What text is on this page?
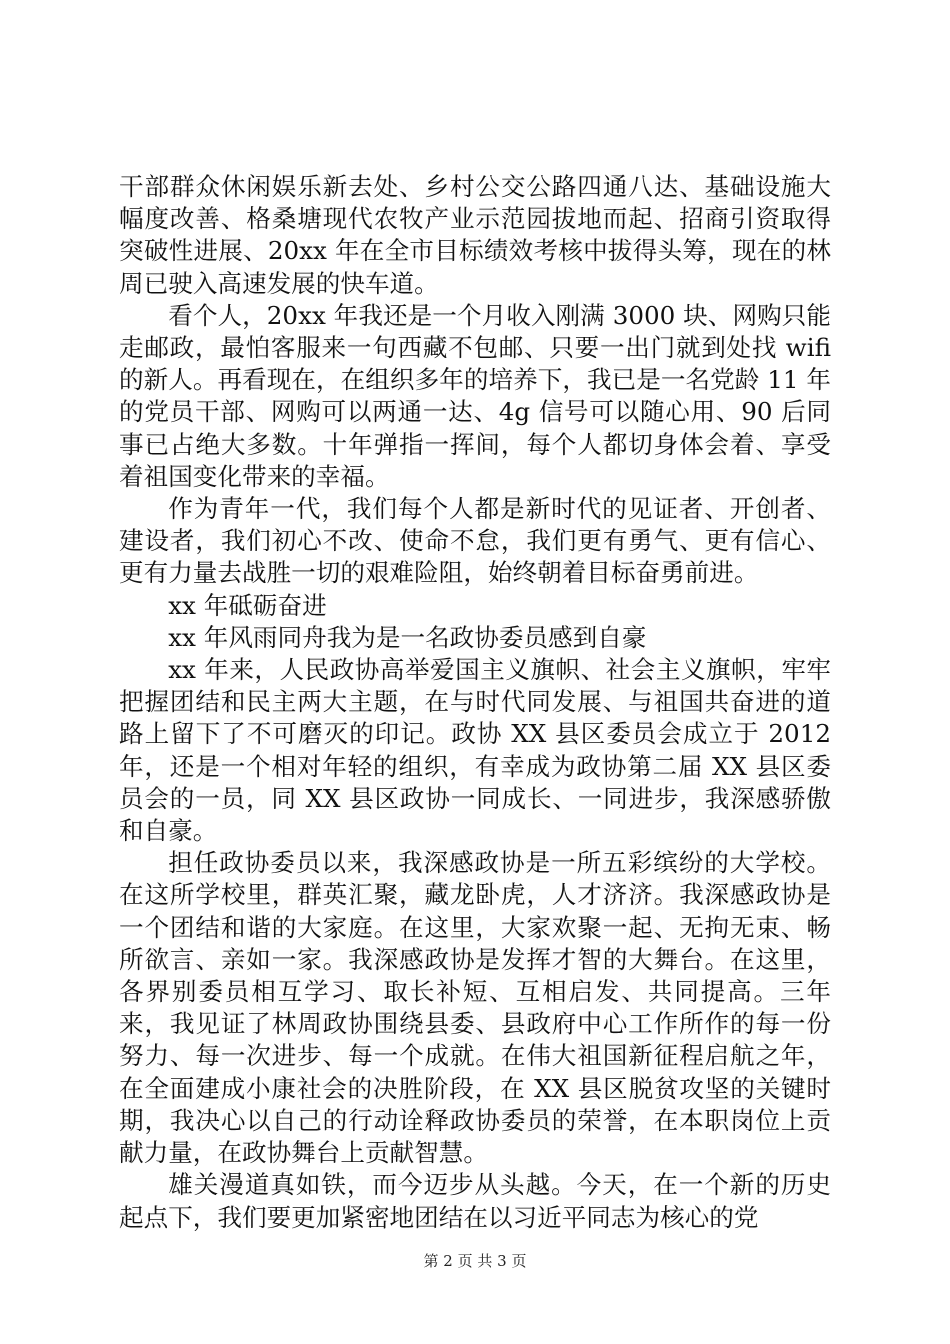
干部群众休闲娱乐新去处、乡村公交公路四通八达、基础设施大幅度改善、格桑塘现代农牧产业示范园拔地而起、招商引资取得突破性进展、20xx 年在全市目标绩效考核中拔得头筹，现在的林周已驶入高速发展的快车道。

看个人，20xx 年我还是一个月收入刚满 3000 块、网购只能走邮政，最怕客服来一句西藏不包邮、只要一出门就到处找 wifi 的新人。再看现在，在组织多年的培养下，我已是一名党龄 11 年的党员干部、网购可以两通一达、4g 信号可以随心用、90 后同事已占绝大多数。十年弹指一挥间，每个人都切身体会着、享受着祖国变化带来的幸福。

作为青年一代，我们每个人都是新时代的见证者、开创者、建设者，我们初心不改、使命不怠，我们更有勇气、更有信心、更有力量去战胜一切的艰难险阻，始终朝着目标奋勇前进。

xx 年砥砺奋进

xx 年风雨同舟我为是一名政协委员感到自豪

xx 年来，人民政协高举爱国主义旗帜、社会主义旗帜，牢牢把握团结和民主两大主题，在与时代同发展、与祖国共奋进的道路上留下了不可磨灭的印记。政协 XX 县区委员会成立于 2012 年，还是一个相对年轻的组织，有幸成为政协第二届 XX 县区委员会的一员，同 XX 县区政协一同成长、一同进步，我深感骄傲和自豪。

担任政协委员以来，我深感政协是一所五彩缤纷的大学校。在这所学校里，群英汇聚，藏龙卧虎，人才济济。我深感政协是一个团结和谐的大家庭。在这里，大家欢聚一起、无拘无束、畅所欲言、亲如一家。我深感政协是发挥才智的大舞台。在这里，各界别委员相互学习、取长补短、互相启发、共同提高。三年来，我见证了林周政协围绕县委、县政府中心工作所作的每一份努力、每一次进步、每一个成就。在伟大祖国新征程启航之年，在全面建成小康社会的决胜阶段，在 XX 县区脱贫攻坚的关键时期，我决心以自己的行动诠释政协委员的荣誉，在本职岗位上贡献力量，在政协舞台上贡献智慧。

雄关漫道真如铁，而今迈步从头越。今天，在一个新的历史起点下，我们要更加紧密地团结在以习近平同志为核心的党

第 2 页 共 3 页
